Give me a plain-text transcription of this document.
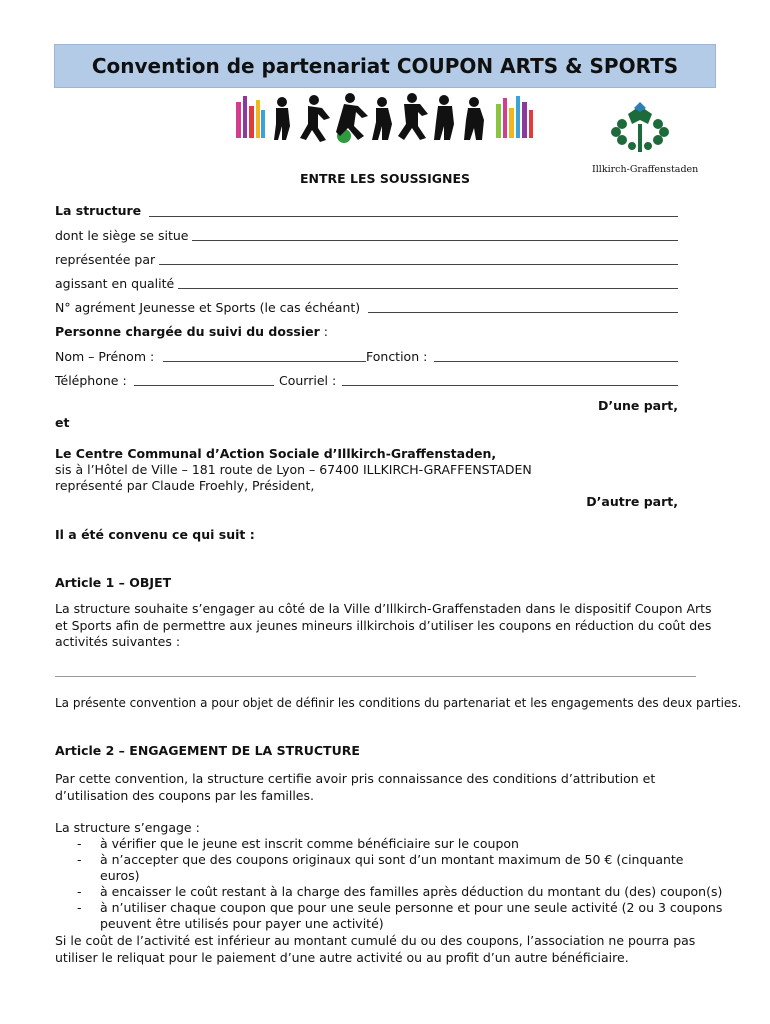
Convention de partenariat COUPON ARTS & SPORTS
Illkirch-Graffenstaden
ENTRE LES SOUSSIGNES
La structure
dont le siège se situe
représentée par
agissant en qualité
N° agrément Jeunesse et Sports (le cas échéant)
Personne chargée du suivi du dossier :
Nom – Prénom :	Fonction :
Téléphone :	Courriel :
D’une part,
et
Le Centre Communal d’Action Sociale d’Illkirch-Graffenstaden,
sis à l’Hôtel de Ville – 181 route de Lyon – 67400 ILLKIRCH-GRAFFENSTADEN
représenté par Claude Froehly, Président,
D’autre part,
Il a été convenu ce qui suit :
Article 1 – OBJET
La structure souhaite s’engager au côté de la Ville d’Illkirch-Graffenstaden dans le dispositif Coupon Arts et Sports afin de permettre aux jeunes mineurs illkirchois d’utiliser les coupons en réduction du coût des activités suivantes :
La présente convention a pour objet de définir les conditions du partenariat et les engagements des deux parties.
Article 2 – ENGAGEMENT DE LA STRUCTURE
Par cette convention, la structure certifie avoir pris connaissance des conditions d’attribution et d’utilisation des coupons par les familles.
La structure s’engage :
- à vérifier que le jeune est inscrit comme bénéficiaire sur le coupon
- à n’accepter que des coupons originaux qui sont d’un montant maximum de 50 € (cinquante euros)
- à encaisser le coût restant à la charge des familles après déduction du montant du (des) coupon(s)
- à n’utiliser chaque coupon que pour une seule personne et pour une seule activité (2 ou 3 coupons peuvent être utilisés pour payer une activité)
Si le coût de l’activité est inférieur au montant cumulé du ou des coupons, l’association ne pourra pas utiliser le reliquat pour le paiement d’une autre activité ou au profit d’un autre bénéficiaire.
